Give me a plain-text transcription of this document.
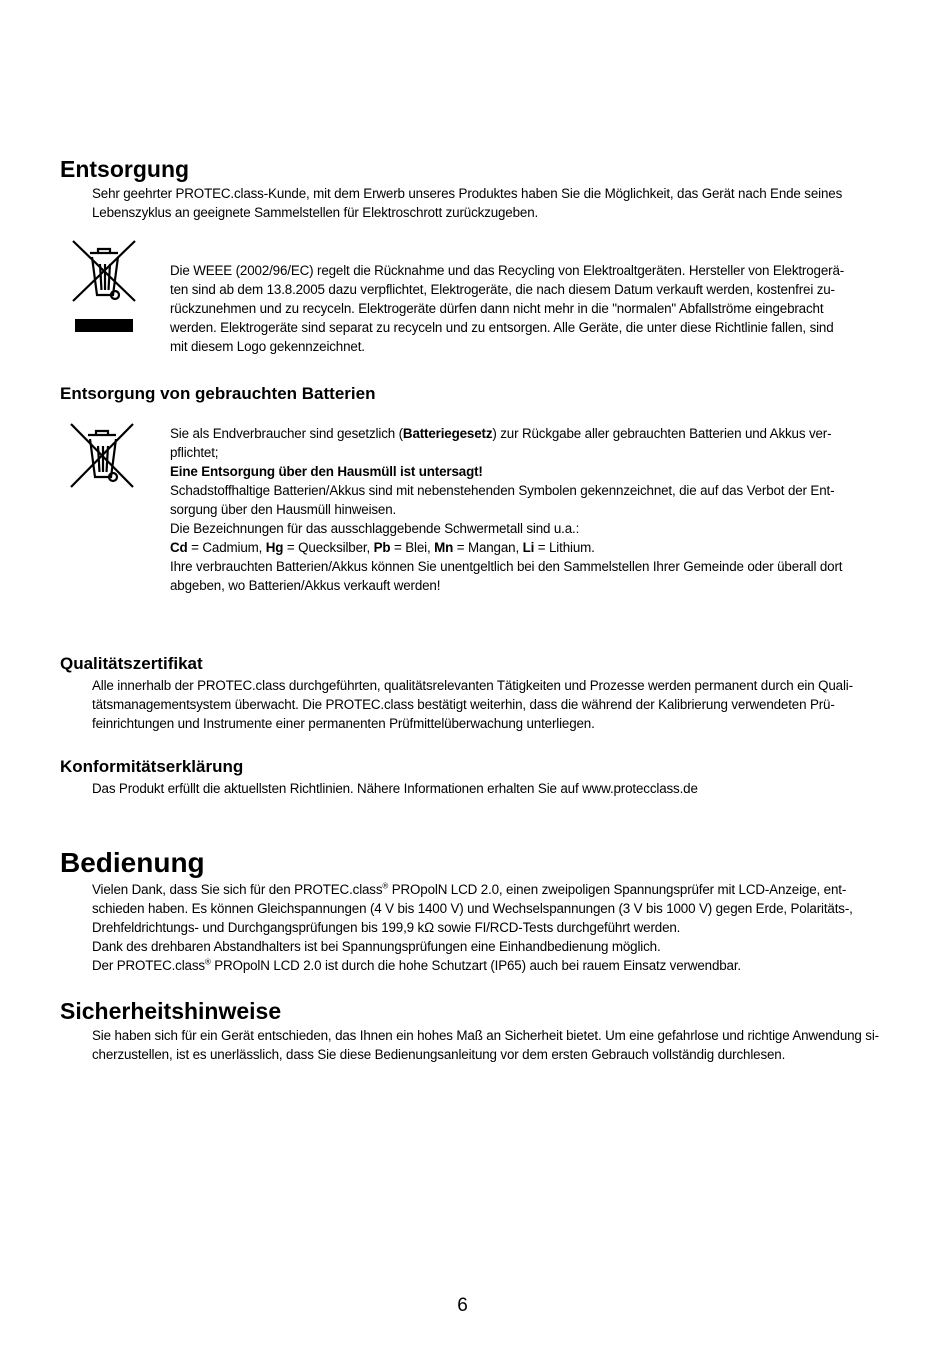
Entsorgung
Sehr geehrter PROTEC.class-Kunde, mit dem Erwerb unseres Produktes haben Sie die Möglichkeit, das Gerät nach Ende seines
Lebenszyklus an geeignete Sammelstellen für Elektroschrott zurückzugeben.
Die WEEE (2002/96/EC) regelt die Rücknahme und das Recycling von Elektroaltgeräten. Hersteller von Elektrogerä-
ten sind ab dem 13.8.2005 dazu verpflichtet, Elektrogeräte, die nach diesem Datum verkauft werden, kostenfrei zu-
rückzunehmen und zu recyceln. Elektrogeräte dürfen dann nicht mehr in die "normalen" Abfallströme eingebracht
werden. Elektrogeräte sind separat zu recyceln und zu entsorgen. Alle Geräte, die unter diese Richtlinie fallen, sind
mit diesem Logo gekennzeichnet.
Entsorgung von gebrauchten Batterien
Sie als Endverbraucher sind gesetzlich (Batteriegesetz) zur Rückgabe aller gebrauchten Batterien und Akkus ver-
pflichtet;
Eine Entsorgung über den Hausmüll ist untersagt!
Schadstoffhaltige Batterien/Akkus sind mit nebenstehenden Symbolen gekennzeichnet, die auf das Verbot der Ent-
sorgung über den Hausmüll hinweisen.
Die Bezeichnungen für das ausschlaggebende Schwermetall sind u.a.:
Cd = Cadmium, Hg = Quecksilber, Pb = Blei, Mn = Mangan, Li = Lithium.
Ihre verbrauchten Batterien/Akkus können Sie unentgeltlich bei den Sammelstellen Ihrer Gemeinde oder überall dort
abgeben, wo Batterien/Akkus verkauft werden!
Qualitätszertifikat
Alle innerhalb der PROTEC.class durchgeführten, qualitätsrelevanten Tätigkeiten und Prozesse werden permanent durch ein Quali-
tätsmanagementsystem überwacht. Die PROTEC.class bestätigt weiterhin, dass die während der Kalibrierung verwendeten Prü-
feinrichtungen und Instrumente einer permanenten Prüfmittelüberwachung unterliegen.
Konformitätserklärung
Das Produkt erfüllt die aktuellsten Richtlinien. Nähere Informationen erhalten Sie auf www.protecclass.de
Bedienung
Vielen Dank, dass Sie sich für den PROTEC.class® PROpolN LCD 2.0, einen zweipoligen Spannungsprüfer mit LCD-Anzeige, ent-
schieden haben. Es können Gleichspannungen (4 V bis 1400 V) und Wechselspannungen (3 V bis 1000 V) gegen Erde, Polaritäts-,
Drehfeldrichtungs- und Durchgangsprüfungen bis 199,9 kΩ sowie FI/RCD-Tests durchgeführt werden.
Dank des drehbaren Abstandhalters ist bei Spannungsprüfungen eine Einhandbedienung möglich.
Der PROTEC.class® PROpolN LCD 2.0 ist durch die hohe Schutzart (IP65) auch bei rauem Einsatz verwendbar.
Sicherheitshinweise
Sie haben sich für ein Gerät entschieden, das Ihnen ein hohes Maß an Sicherheit bietet. Um eine gefahrlose und richtige Anwendung si-
cherzustellen, ist es unerlässlich, dass Sie diese Bedienungsanleitung vor dem ersten Gebrauch vollständig durchlesen.
6
